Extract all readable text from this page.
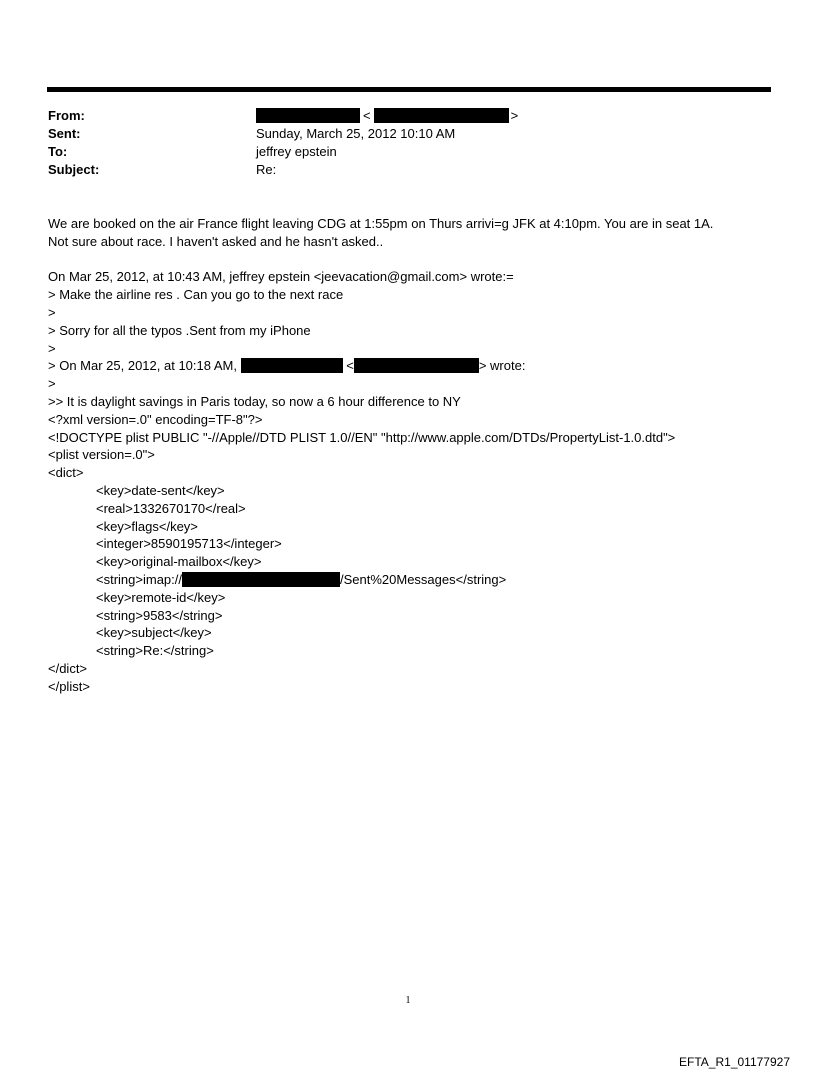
From:	<	>
Sent:	Sunday, March 25, 2012 10:10 AM
To:	jeffrey epstein
Subject:	Re:
We are booked on the air France flight leaving CDG at 1:55pm on Thurs arrivi=g JFK at 4:10pm. You are in seat 1A.
Not sure about race. I haven't asked and he hasn't asked..
On Mar 25, 2012, at 10:43 AM, jeffrey epstein <jeevacation@gmail.com> wrote:=
> Make the airline res . Can you go to the next race
>
> Sorry for all the typos .Sent from my iPhone
>
> On Mar 25, 2012, at 10:18 AM,	<	> wrote:
>
>> It is daylight savings in Paris today, so now a 6 hour difference to NY
<?xml version=.0" encoding=TF-8"?>
<!DOCTYPE plist PUBLIC "-//Apple//DTD PLIST 1.0//EN" "http://www.apple.com/DTDs/PropertyList-1.0.dtd">
<plist version=.0">
<dict>
<key>date-sent</key>
<real>1332670170</real>
<key>flags</key>
<integer>8590195713</integer>
<key>original-mailbox</key>
<string>imap://	/Sent%20Messages</string>
<key>remote-id</key>
<string>9583</string>
<key>subject</key>
<string>Re:</string>
</dict>
</plist>
1
EFTA_R1_01177927
